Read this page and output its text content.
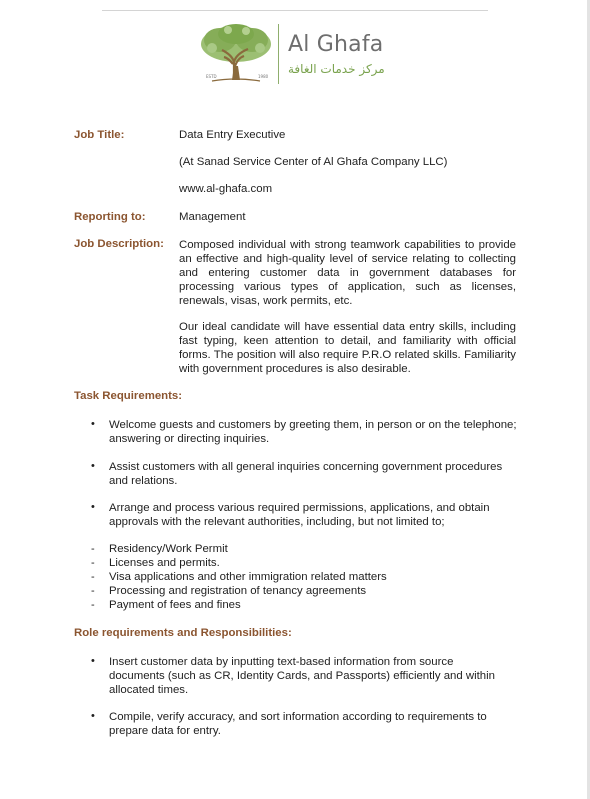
ESTD	1980
Al Ghafa
مركز خدمات الغافة
Job Title:	Data Entry Executive
(At Sanad Service Center of Al Ghafa Company LLC)
www.al-ghafa.com
Reporting to:	Management
Job Description: Composed individual with strong teamwork capabilities to provide
an effective and high-quality level of service relating to collecting
and entering customer data in government databases for
processing various types of application, such as licenses,
renewals, visas, work permits, etc.

Our ideal candidate will have essential data entry skills, including
fast typing, keen attention to detail, and familiarity with official
forms. The position will also require P.R.O related skills. Familiarity
with government procedures is also desirable.

Task Requirements:
• Welcome guests and customers by greeting them, in person or on the telephone;
answering or directing inquiries.

• Assist customers with all general inquiries concerning government procedures
and relations.

• Arrange and process various required permissions, applications, and obtain
approvals with the relevant authorities, including, but not limited to;

- Residency/Work Permit
- Licenses and permits.
- Visa applications and other immigration related matters
- Processing and registration of tenancy agreements
- Payment of fees and fines
Role requirements and Responsibilities:
• Insert customer data by inputting text-based information from source
documents (such as CR, Identity Cards, and Passports) efficiently and within
allocated times.

• Compile, verify accuracy, and sort information according to requirements to
prepare data for entry.
